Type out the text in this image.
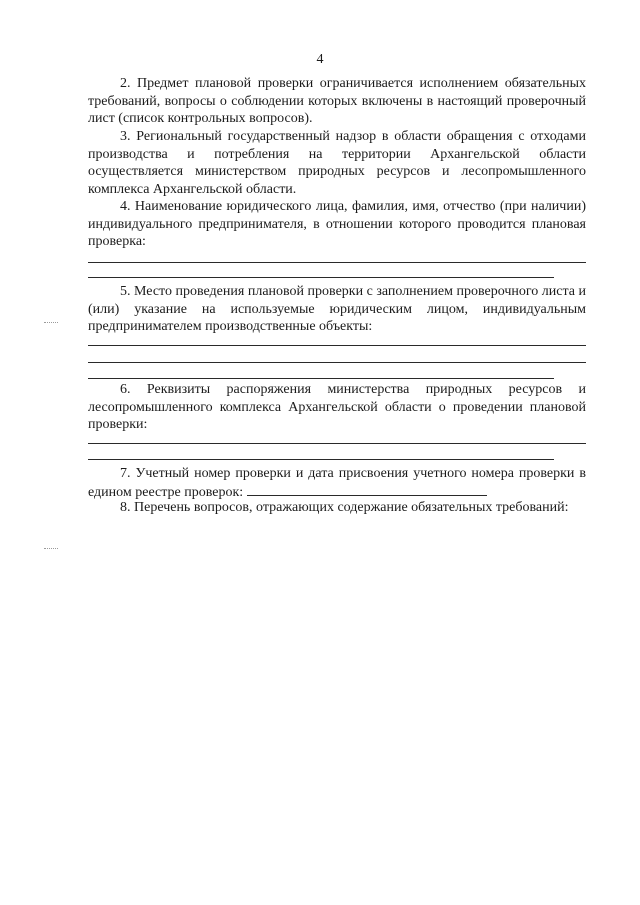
4

2. Предмет плановой проверки ограничивается исполнением обязательных требований, вопросы о соблюдении которых включены в настоящий проверочный лист (список контрольных вопросов).

3. Региональный государственный надзор в области обращения с отходами производства и потребления на территории Архангельской области осуществляется министерством природных ресурсов и лесопромышленного комплекса Архангельской области.

4. Наименование юридического лица, фамилия, имя, отчество (при наличии) индивидуального предпринимателя, в отношении которого проводится плановая проверка:

5. Место проведения плановой проверки с заполнением проверочного листа и (или) указание на используемые юридическим лицом, индивидуальным предпринимателем производственные объекты:

6. Реквизиты распоряжения министерства природных ресурсов и лесопромышленного комплекса Архангельской области о проведении плановой проверки:

7. Учетный номер проверки и дата присвоения учетного номера проверки в едином реестре проверок:

8. Перечень вопросов, отражающих содержание обязательных требований:
